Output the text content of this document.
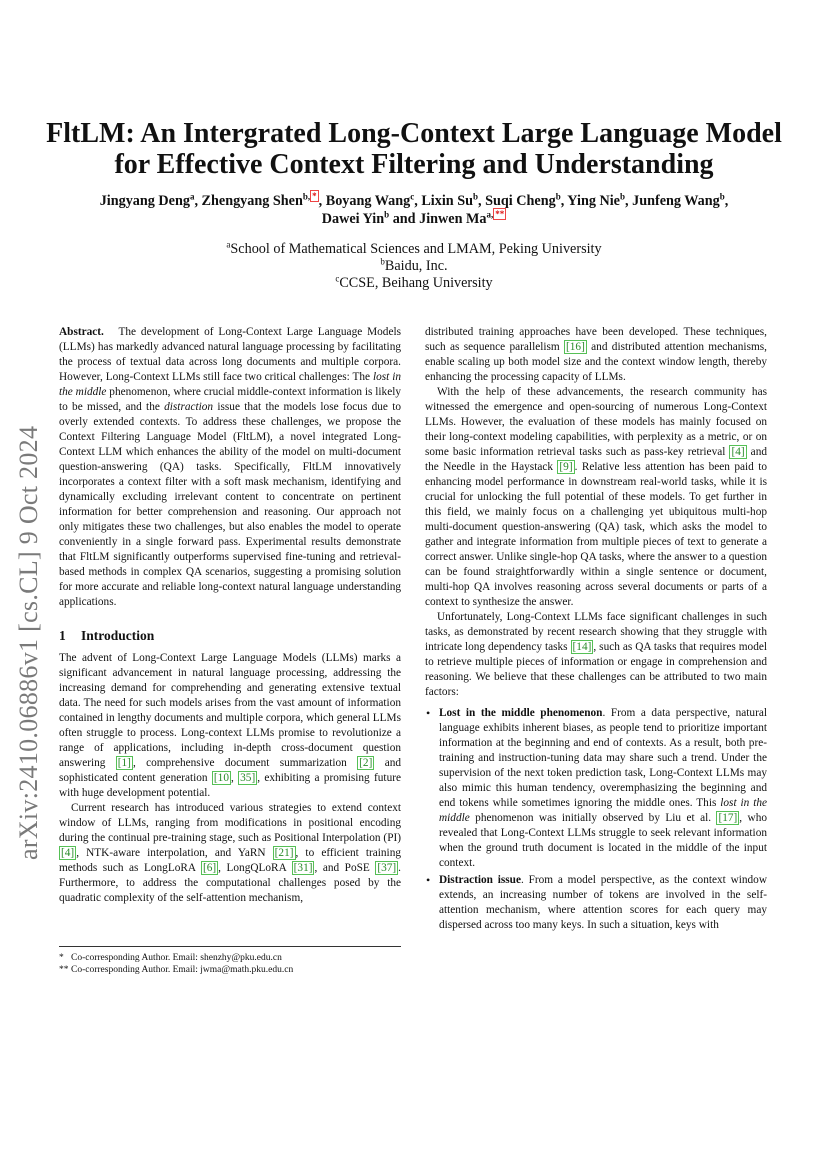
arXiv:2410.06886v1 [cs.CL] 9 Oct 2024
FltLM: An Intergrated Long-Context Large Language Model for Effective Context Filtering and Understanding
Jingyang Deng$^a$, Zhengyang Shen$^{b, *}$ , Boyang Wang$^c$, Lixin Su$^b$, Suqi Cheng$^b$, Ying Nie$^b$, Junfeng Wang$^b$,
Dawei Yin$^b$ and Jinwen $Ma^{a, **}$
$^a$School of Mathematical Sciences and LMAM, Peking University
$^b$Baidu, Inc.
$^c$CCSE, Beihang University

Abstract. The development of Long-Context Large Language Models (LLMs) has markedly advanced natural language processing by facilitating the process of textual data across long documents and multiple corpora. However, Long-Context LLMs still face two critical challenges: The lost in the middle phenomenon, where crucial middle-context information is likely to be missed, and the distraction issue that the models lose focus due to overly extended contexts. To address these challenges, we propose the Context Filtering Language Model (FltLM), a novel integrated Long-Context LLM which enhances the ability of the model on multi-document question-answering (QA) tasks. Specifically, FltLM innovatively incorporates a context filter with a soft mask mechanism, identifying and dynamically excluding irrelevant content to concentrate on pertinent information for better comprehension and reasoning. Our approach not only mitigates these two challenges, but also enables the model to operate conveniently in a single forward pass. Experimental results demonstrate that FltLM significantly outperforms supervised fine-tuning and retrieval-based methods in complex QA scenarios, suggesting a promising solution for more accurate and reliable long-context natural language understanding applications.

1 Introduction

The advent of Long-Context Large Language Models (LLMs) marks a significant advancement in natural language processing, addressing the increasing demand for comprehending and generating extensive textual data. The need for such models arises from the vast amount of information contained in lengthy documents and multiple corpora, which general LLMs often struggle to process. Long-context LLMs promise to revolutionize a range of applications, including in-depth cross-document question answering [1] , comprehensive document summarization [2] and sophisticated content generation [10 , 35] , exhibiting a promising future with huge development potential.

Current research has introduced various strategies to extend context window of LLMs, ranging from modifications in positional encoding during the continual pre-training stage, such as Positional Interpolation (PI) [4] , NTK-aware interpolation, and YaRN [21] , to efficient training methods such as LongLoRA [6] , LongQLoRA [31] , and PoSE [37] . Furthermore, to address the computational challenges posed by the quadratic complexity of the self-attention mechanism,

* Co-corresponding Author. Email: shenzhy@pku.edu.cn
** Co-corresponding Author. Email: jwma@math.pku.edu.cn

distributed training approaches have been developed. These techniques, such as sequence parallelism [16] and distributed attention mechanisms, enable scaling up both model size and the context window length, thereby enhancing the processing capacity of LLMs.

With the help of these advancements, the research community has witnessed the emergence and open-sourcing of numerous Long-Context LLMs. However, the evaluation of these models has mainly focused on their long-context modeling capabilities, with perplexity as a metric, or on some basic information retrieval tasks such as pass-key retrieval [4] and the Needle in the Haystack [9] . Relative less attention has been paid to enhancing model performance in downstream real-world tasks, while it is crucial for unlocking the full potential of these models. To get further in this field, we mainly focus on a challenging yet ubiquitous multi-hop multi-document question-answering (QA) task, which asks the model to gather and integrate information from multiple pieces of text to generate a correct answer. Unlike single-hop QA tasks, where the answer to a question can be found straightforwardly within a single sentence or document, multi-hop QA involves reasoning across several documents or parts of a context to synthesize the answer.

Unfortunately, Long-Context LLMs face significant challenges in such tasks, as demonstrated by recent research showing that they struggle with intricate long dependency tasks [14] , such as QA tasks that requires model to retrieve multiple pieces of information or engage in comprehension and reasoning. We believe that these challenges can be attributed to two main factors:

• Lost in the middle phenomenon. From a data perspective, natural language exhibits inherent biases, as people tend to prioritize important information at the beginning and end of contexts. As a result, both pre-training and instruction-tuning data may share such a trend. Under the supervision of the next token prediction task, Long-Context LLMs may also mimic this human tendency, overemphasizing the beginning and end tokens while sometimes ignoring the middle ones. This lost in the middle phenomenon was initially observed by Liu et al. [17] , who revealed that Long-Context LLMs struggle to seek relevant information when the ground truth document is located in the middle of the input context.
• Distraction issue. From a model perspective, as the context window extends, an increasing number of tokens are involved in the self-attention mechanism, where attention scores for each query may dispersed across too many keys. In such a situation, keys with
